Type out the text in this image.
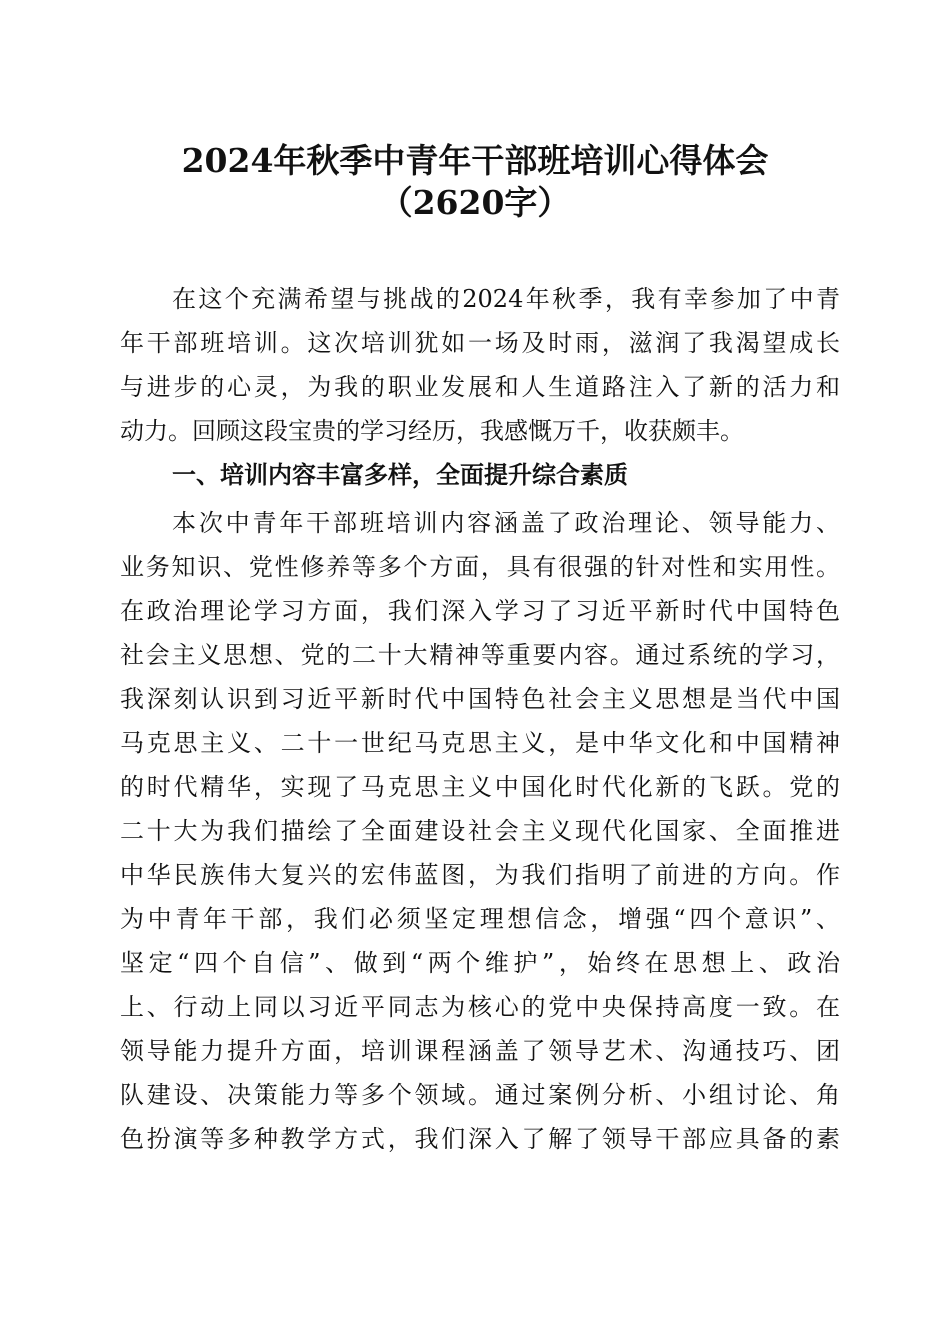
2024年秋季中青年干部班培训心得体会
（2620字）
在这个充满希望与挑战的2024年秋季，我有幸参加了中青
年干部班培训。这次培训犹如一场及时雨，滋润了我渴望成长
与进步的心灵，为我的职业发展和人生道路注入了新的活力和
动力。回顾这段宝贵的学习经历，我感慨万千，收获颇丰。
一、培训内容丰富多样，全面提升综合素质
本次中青年干部班培训内容涵盖了政治理论、领导能力、
业务知识、党性修养等多个方面，具有很强的针对性和实用性。
在政治理论学习方面，我们深入学习了习近平新时代中国特色
社会主义思想、党的二十大精神等重要内容。通过系统的学习，
我深刻认识到习近平新时代中国特色社会主义思想是当代中国
马克思主义、二十一世纪马克思主义，是中华文化和中国精神
的时代精华，实现了马克思主义中国化时代化新的飞跃。党的
二十大为我们描绘了全面建设社会主义现代化国家、全面推进
中华民族伟大复兴的宏伟蓝图，为我们指明了前进的方向。作
为中青年干部，我们必须坚定理想信念，增强“四个意识”、
坚定“四个自信”、做到“两个维护”，始终在思想上、政治
上、行动上同以习近平同志为核心的党中央保持高度一致。在
领导能力提升方面，培训课程涵盖了领导艺术、沟通技巧、团
队建设、决策能力等多个领域。通过案例分析、小组讨论、角
色扮演等多种教学方式，我们深入了解了领导干部应具备的素
